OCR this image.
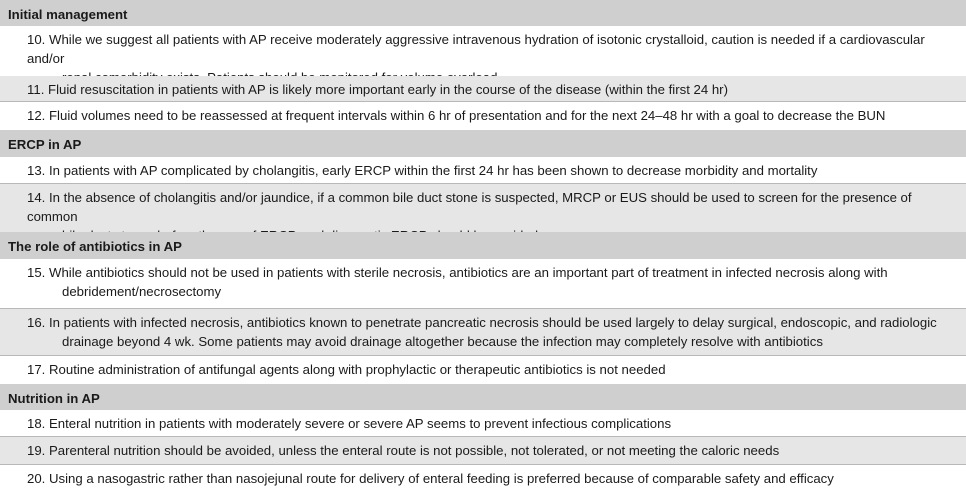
Initial management
10. While we suggest all patients with AP receive moderately aggressive intravenous hydration of isotonic crystalloid, caution is needed if a cardiovascular and/or
11. Fluid resuscitation in patients with AP is likely more important early in the course of the disease (within the first 24 hr)
12. Fluid volumes need to be reassessed at frequent intervals within 6 hr of presentation and for the next 24–48 hr with a goal to decrease the BUN
ERCP in AP
13. In patients with AP complicated by cholangitis, early ERCP within the first 24 hr has been shown to decrease morbidity and mortality
14. In the absence of cholangitis and/or jaundice, if a common bile duct stone is suspected, MRCP or EUS should be used to screen for the presence of common
The role of antibiotics in AP
15. While antibiotics should not be used in patients with sterile necrosis, antibiotics are an important part of treatment in infected necrosis along with
debridement/necrosectomy
16. In patients with infected necrosis, antibiotics known to penetrate pancreatic necrosis should be used largely to delay surgical, endoscopic, and radiologic
drainage beyond 4 wk. Some patients may avoid drainage altogether because the infection may completely resolve with antibiotics
17. Routine administration of antifungal agents along with prophylactic or therapeutic antibiotics is not needed
Nutrition in AP
18. Enteral nutrition in patients with moderately severe or severe AP seems to prevent infectious complications
19. Parenteral nutrition should be avoided, unless the enteral route is not possible, not tolerated, or not meeting the caloric needs
20. Using a nasogastric rather than nasojejunal route for delivery of enteral feeding is preferred because of comparable safety and efficacy
